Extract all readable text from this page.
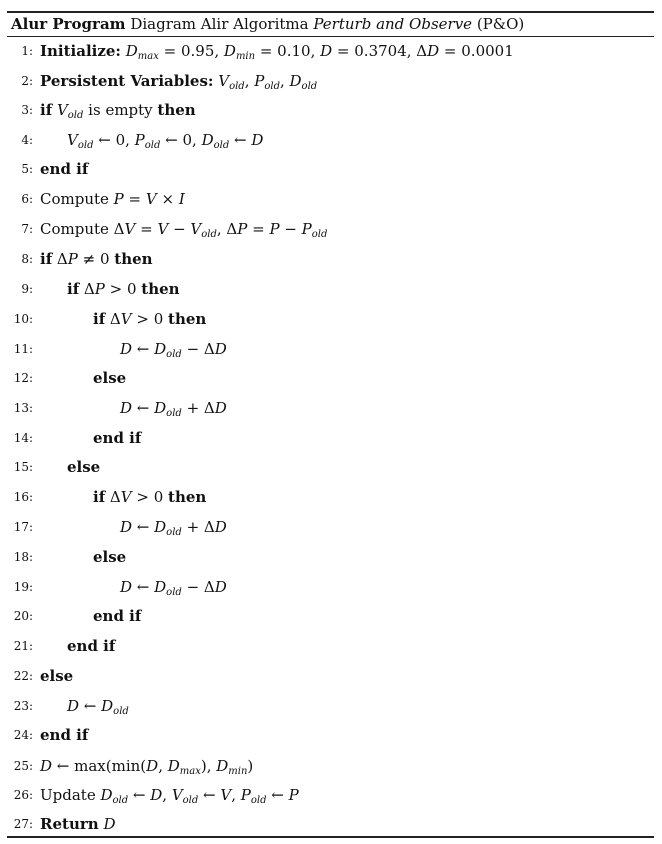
Alur Program Diagram Alir Algoritma Perturb and Observe (P&O)
1: Initialize: $D_{max} = 0.95$, $D_{min} = 0.10$, D = 0.3704, ΔD = 0.0001
2: Persistent Variables: $V_{old}$, $P_{old}$, $D_{old}$
3: if $V_{old}$ is empty then
4: $V_{old}$ ← 0, $P_{old}$ ← 0, $D_{old}$ ← D
5: end if
6: Compute P = V × I
7: Compute $\Delta V = V - V_{old}$, $\Delta P = P - P_{old}$
8: if ΔP ≠ 0 then
9: if ΔP > 0 then
10:	if ΔV > 0 then
11:	D ← $D_{old} - \Delta D$
12:	else
13:	D ← $D_{old} + \Delta D$
14:	end if
15: else
16:	if ΔV > 0 then
17:	D ← $D_{old} + \Delta D$
18:	else
19:	D ← $D_{old} - \Delta D$
20:	end if
21: end if
22: else
23: D ← $D_{old}$
24: end if
25: D ← max(min(D, $D_{max}$), $D_{min}$)
26: Update $D_{old}$ ← D, $V_{old}$ ← V, $P_{old}$ ← P
27: Return D
